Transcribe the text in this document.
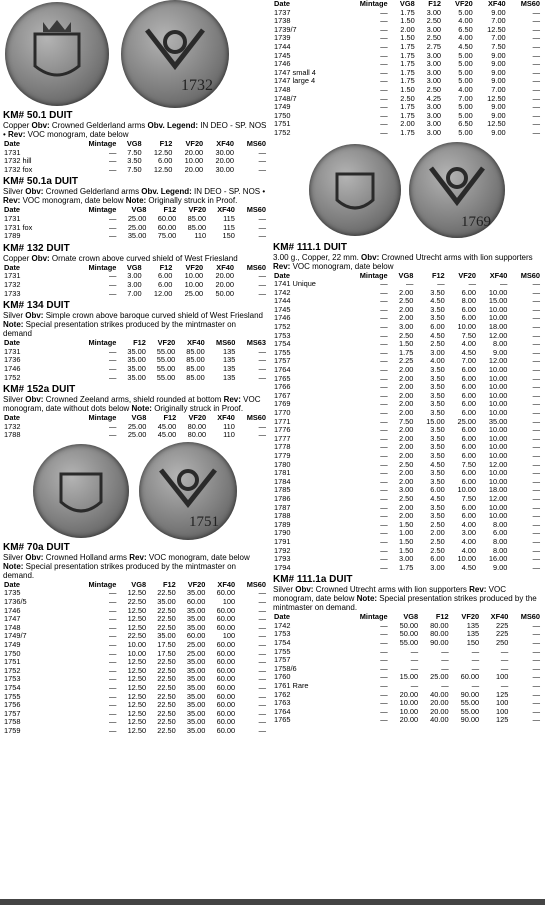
1732
KM# 50.1 DUIT
Copper Obv: Crowned Gelderland arms Obv. Legend: IN DEO - SP. NOS • Rev: VOC monogram, date below
Date	Mintage	VG8	F12	VF20	XF40	MS60
1731	—	7.50	12.50	20.00	30.00	—
1732 hill	—	3.50	6.00	10.00	20.00	—
1732 fox	—	7.50	12.50	20.00	30.00	—
KM# 50.1a DUIT
Silver Obv: Crowned Gelderland arms Obv. Legend: IN DEO - SP. NOS • Rev: VOC monogram, date below Note: Originally struck in Proof.
Date	Mintage	VG8	F12	VF20	XF40	MS60
1731	—	25.00	60.00	85.00	115	—
1731 fox	—	25.00	60.00	85.00	115	—
1789	—	35.00	75.00	110	150	—
KM# 132 DUIT
Copper Obv: Ornate crown above curved shield of West Friesland
Date	Mintage	VG8	F12	VF20	XF40	MS60
1731	—	3.00	6.00	10.00	20.00	—
1732	—	3.00	6.00	10.00	20.00	—
1733	—	7.00	12.00	25.00	50.00	—
KM# 134 DUIT
Silver Obv: Simple crown above baroque curved shield of West Friesland Note: Special presentation strikes produced by the mintmaster on demand
Date	Mintage	F12	VF20	XF40	MS60	MS63
1731	—	35.00	55.00	85.00	135	—
1736	—	35.00	55.00	85.00	135	—
1746	—	35.00	55.00	85.00	135	—
1752	—	35.00	55.00	85.00	135	—
KM# 152a DUIT
Silver Obv: Crowned Zeeland arms, shield rounded at bottom Rev: VOC monogram, date without dots below Note: Originally struck in Proof.
Date	Mintage	VG8	F12	VF20	XF40	MS60
1732	—	25.00	45.00	80.00	110	—
1788	—	25.00	45.00	80.00	110	—
1751
KM# 70a DUIT
Silver Obv: Crowned Holland arms Rev: VOC monogram, date below Note: Special presentation strikes produced by the mintmaster on demand.
Date	Mintage	VG8	F12	VF20	XF40	MS60
1735	—	12.50	22.50	35.00	60.00	—
1736/5	—	22.50	35.00	60.00	100	—
1746	—	12.50	22.50	35.00	60.00	—
1747	—	12.50	22.50	35.00	60.00	—
1748	—	12.50	22.50	35.00	60.00	—
1749/7	—	22.50	35.00	60.00	100	—
1749	—	10.00	17.50	25.00	60.00	—
1750	—	10.00	17.50	25.00	60.00	—
1751	—	12.50	22.50	35.00	60.00	—
1752	—	12.50	22.50	35.00	60.00	—
1753	—	12.50	22.50	35.00	60.00	—
1754	—	12.50	22.50	35.00	60.00	—
1755	—	12.50	22.50	35.00	60.00	—
1756	—	12.50	22.50	35.00	60.00	—
1757	—	12.50	22.50	35.00	60.00	—
1758	—	12.50	22.50	35.00	60.00	—
1759	—	12.50	22.50	35.00	60.00	—
Date	Mintage	VG8	F12	VF20	XF40	MS60
1737	—	1.75	3.00	5.00	9.00	—
1738	—	1.50	2.50	4.00	7.00	—
1739/7	—	2.00	3.00	6.50	12.50	—
1739	—	1.50	2.50	4.00	7.00	—
1744	—	1.75	2.75	4.50	7.50	—
1745	—	1.75	3.00	5.00	9.00	—
1746	—	1.75	3.00	5.00	9.00	—
1747 small 4	—	1.75	3.00	5.00	9.00	—
1747 large 4	—	1.75	3.00	5.00	9.00	—
1748	—	1.50	2.50	4.00	7.00	—
1748/7	—	2.50	4.25	7.00	12.50	—
1749	—	1.75	3.00	5.00	9.00	—
1750	—	1.75	3.00	5.00	9.00	—
1751	—	2.00	3.00	6.50	12.50	—
1752	—	1.75	3.00	5.00	9.00	—
1769
KM# 111.1 DUIT
3.00 g., Copper, 22 mm. Obv: Crowned Utrecht arms with lion supporters Rev: VOC monogram, date below
Date	Mintage	VG8	F12	VF20	XF40	MS60
1741 Unique	—	—	—	—	—	—
1742	—	2.00	3.50	6.00	10.00	—
1744	—	2.50	4.50	8.00	15.00	—
1745	—	2.00	3.50	6.00	10.00	—
1746	—	2.00	3.50	6.00	10.00	—
1752	—	3.00	6.00	10.00	18.00	—
1753	—	2.50	4.50	7.50	12.00	—
1754	—	1.50	2.50	4.00	8.00	—
1755	—	1.75	3.00	4.50	9.00	—
1757	—	2.25	4.00	7.00	12.00	—
1764	—	2.00	3.50	6.00	10.00	—
1765	—	2.00	3.50	6.00	10.00	—
1766	—	2.00	3.50	6.00	10.00	—
1767	—	2.00	3.50	6.00	10.00	—
1769	—	2.00	3.50	6.00	10.00	—
1770	—	2.00	3.50	6.00	10.00	—
1771	—	7.50	15.00	25.00	35.00	—
1776	—	2.00	3.50	6.00	10.00	—
1777	—	2.00	3.50	6.00	10.00	—
1778	—	2.00	3.50	6.00	10.00	—
1779	—	2.00	3.50	6.00	10.00	—
1780	—	2.50	4.50	7.50	12.00	—
1781	—	2.00	3.50	6.00	10.00	—
1784	—	2.00	3.50	6.00	10.00	—
1785	—	3.00	6.00	10.00	18.00	—
1786	—	2.50	4.50	7.50	12.00	—
1787	—	2.00	3.50	6.00	10.00	—
1788	—	2.00	3.50	6.00	10.00	—
1789	—	1.50	2.50	4.00	8.00	—
1790	—	1.00	2.00	3.00	6.00	—
1791	—	1.50	2.50	4.00	8.00	—
1792	—	1.50	2.50	4.00	8.00	—
1793	—	3.00	6.00	10.00	16.00	—
1794	—	1.75	3.00	4.50	9.00	—
KM# 111.1a DUIT
Silver Obv: Crowned Utrecht arms with lion supporters Rev: VOC monogram, date below Note: Special presentation strikes produced by the mintmaster on demand.
Date	Mintage	VG8	F12	VF20	XF40	MS60
1742	—	50.00	80.00	135	225	—
1753	—	50.00	80.00	135	225	—
1754	—	55.00	90.00	150	250	—
1755	—	—	—	—	—	—
1757	—	—	—	—	—	—
1758/6	—	—	—	—	—	—
1760	—	15.00	25.00	60.00	100	—
1761 Rare	—	—	—	—	—	—
1762	—	20.00	40.00	90.00	125	—
1763	—	10.00	20.00	55.00	100	—
1764	—	10.00	20.00	55.00	100	—
1765	—	20.00	40.00	90.00	125	—
